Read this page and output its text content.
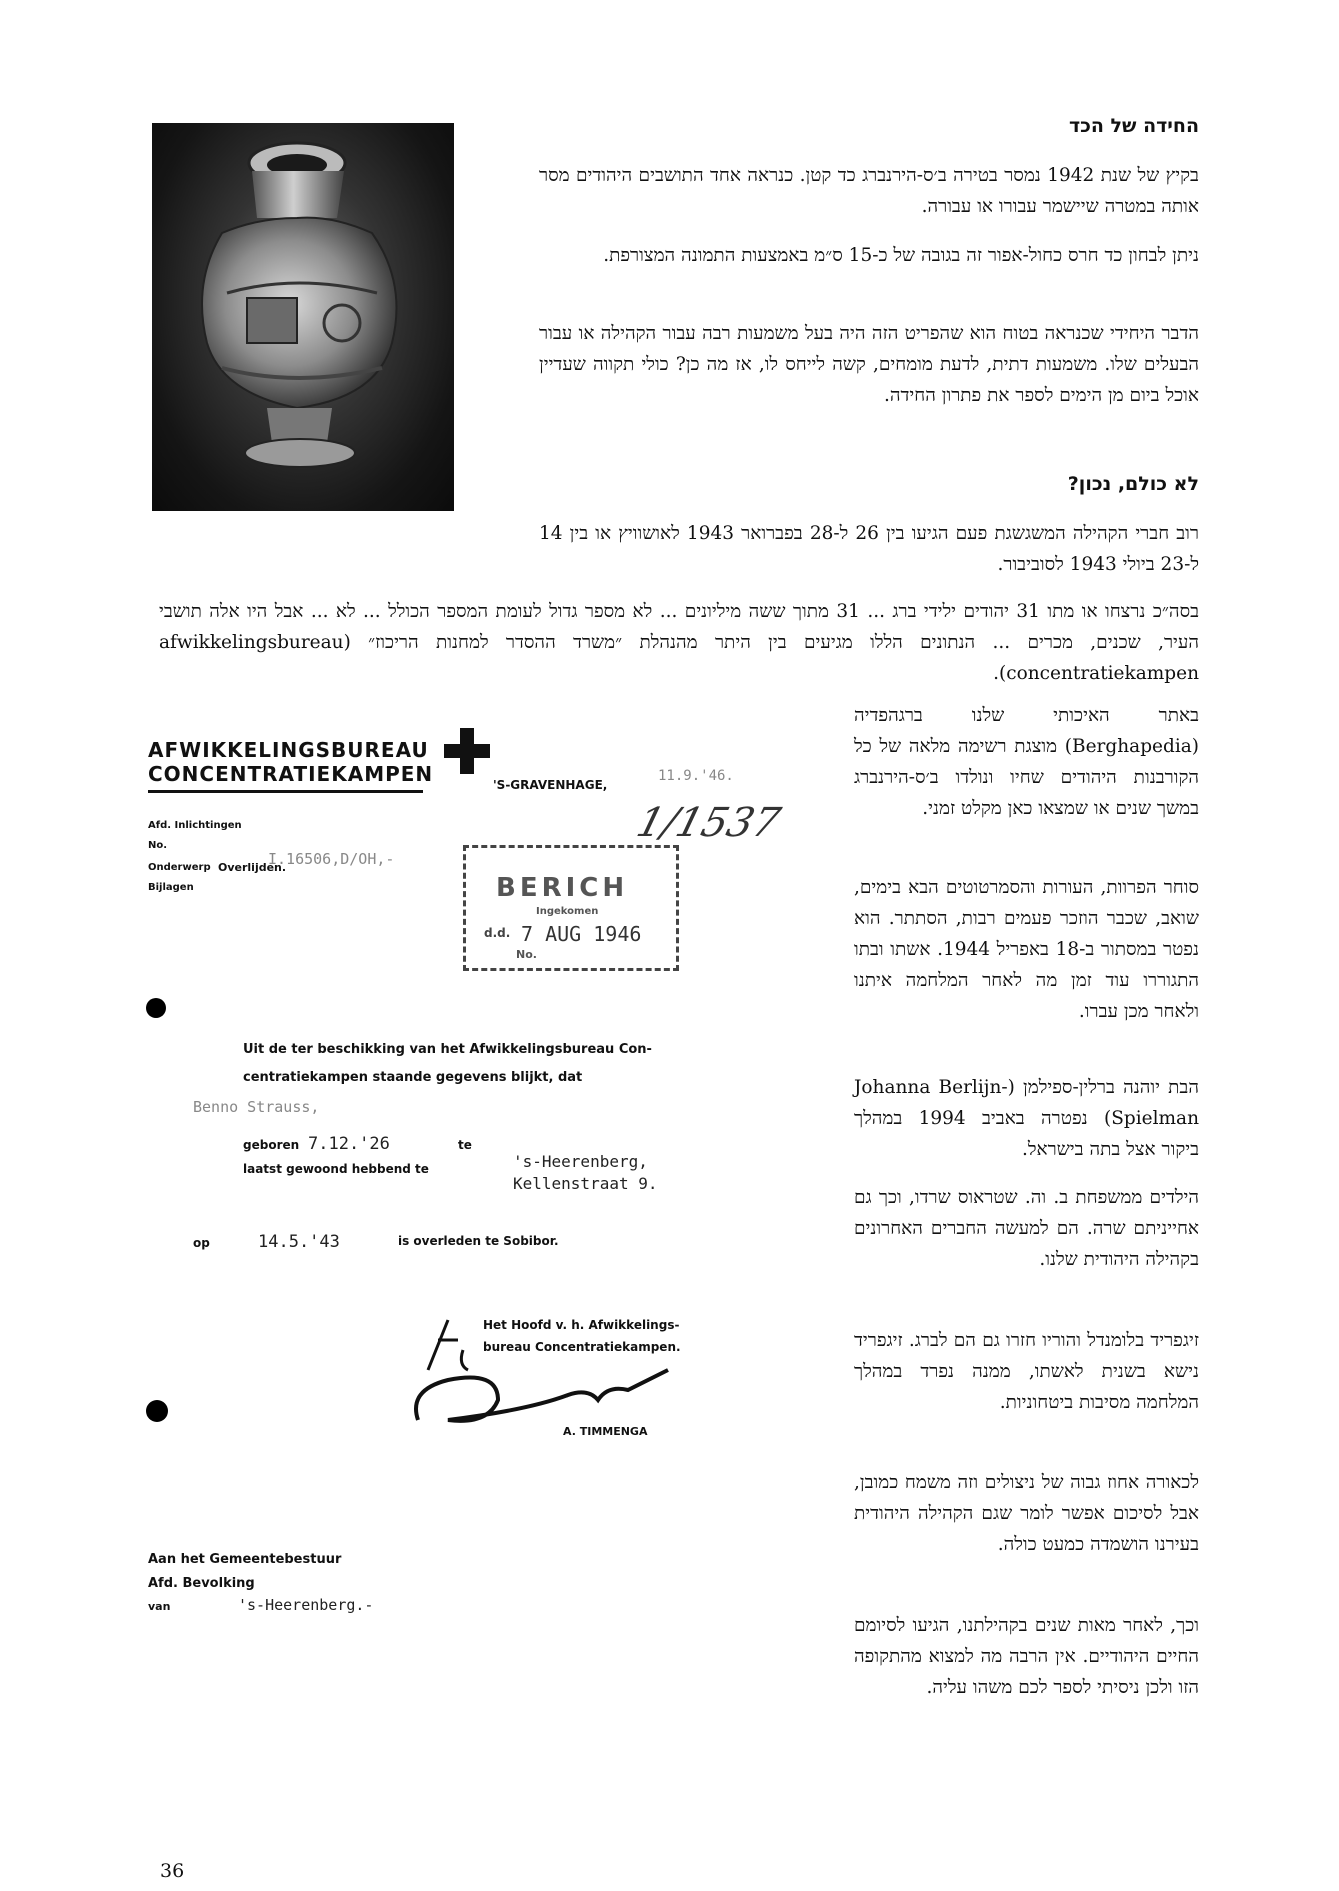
החידה של הכד
בקיץ של שנת 1942 נמסר בטירה ב׳ס-הירנברג כד קטן. כנראה אחד התושבים היהודים מסר אותה במטרה שיישמר עבורו או עבורה.
ניתן לבחון כד חרס כחול-אפור זה בגובה של כ-15 ס״מ באמצעות התמונה המצורפת.
הדבר היחידי שכנראה בטוח הוא שהפריט הזה היה בעל משמעות רבה עבור הקהילה או עבור הבעלים שלו. משמעות דתית, לדעת מומחים, קשה לייחס לו, אז מה כן? כולי תקווה שעדיין אוכל ביום מן הימים לספר את פתרון החידה.
לא כולם, נכון?
רוב חברי הקהילה המשגשגת פעם הגיעו בין 26 ל-28 בפברואר 1943 לאושוויץ או בין 14 ל-23 ביולי 1943 לסוביבור.
בסה״כ נרצחו או מתו 31 יהודים ילידי ברג ... 31 מתוך ששה מיליונים ... לא מספר גדול לעומת המספר הכולל ... לא ... אבל היו אלה תושבי העיר, שכנים, מכרים ... הנתונים הללו מגיעים בין היתר מהנהלת ״משרד ההסדר למחנות הריכוז״ (afwikkelingsbureau concentratiekampen).
באתר האיכותי שלנו ברגהפדיה (Berghapedia) מוצגת רשימה מלאה של כל הקורבנות היהודים שחיו ונולדו ב׳ס-הירנברג במשך שנים או שמצאו כאן מקלט זמני.
סוחר הפרוות, העורות והסמרטוטים הבא בימים, שואב, שכבר הוזכר פעמים רבות, הסתתר. הוא נפטר במסתור ב-18 באפריל 1944. אשתו ובתו התגוררו עוד זמן מה לאחר המלחמה איתנו ולאחר מכן עברו.
הבת יוהנה ברלין-ספילמן (Johanna Berlijn-Spielman) נפטרה באביב 1994 במהלך ביקור אצל בתה בישראל.
הילדים ממשפחת ב. וה. שטראוס שרדו, וכך גם אחייניתם שרה. הם למעשה החברים האחרונים בקהילה היהודית שלנו.
זיגפריד בלומנדל והוריו חזרו גם הם לברג. זיגפריד נישא בשנית לאשתו, ממנה נפרד במהלך המלחמה מסיבות ביטחוניות.
לכאורה אחוז גבוה של ניצולים וזה משמח כמובן, אבל לסיכום אפשר לומר שגם הקהילה היהודית בעירנו הושמדה כמעט כולה.
וכך, לאחר מאות שנים בקהילתנו, הגיעו לסיומם החיים היהודיים. אין הרבה מה למצוא מהתקופה הזו ולכן ניסיתי לספר לכם משהו עליה.
AFWIKKELINGSBUREAU
CONCENTRATIEKAMPEN	'S-GRAVENHAGE,
11.9.'46.
1/1537
Afd. Inlichtingen
No.
I.16506,D/OH,-
Onderwerp Overlijden.
Bijlagen	BERICH
Ingekomen
d.d. 7 AUG 1946
No.
Uit de ter beschikking van het Afwikkelingsbureau Con-
centratiekampen staande gegevens blijkt, dat
Benno Strauss,
geboren 7.12.'26	te
laatst gewoond hebbend te	's-Heerenberg,
Kellenstraat 9.
op	14.5.'43	is overleden te Sobibor.
Het Hoofd v. h. Afwikkelings-
bureau Concentratiekampen.
A. TIMMENGA
Aan het Gemeentebestuur
Afd. Bevolking
van	's-Heerenberg.-
36
